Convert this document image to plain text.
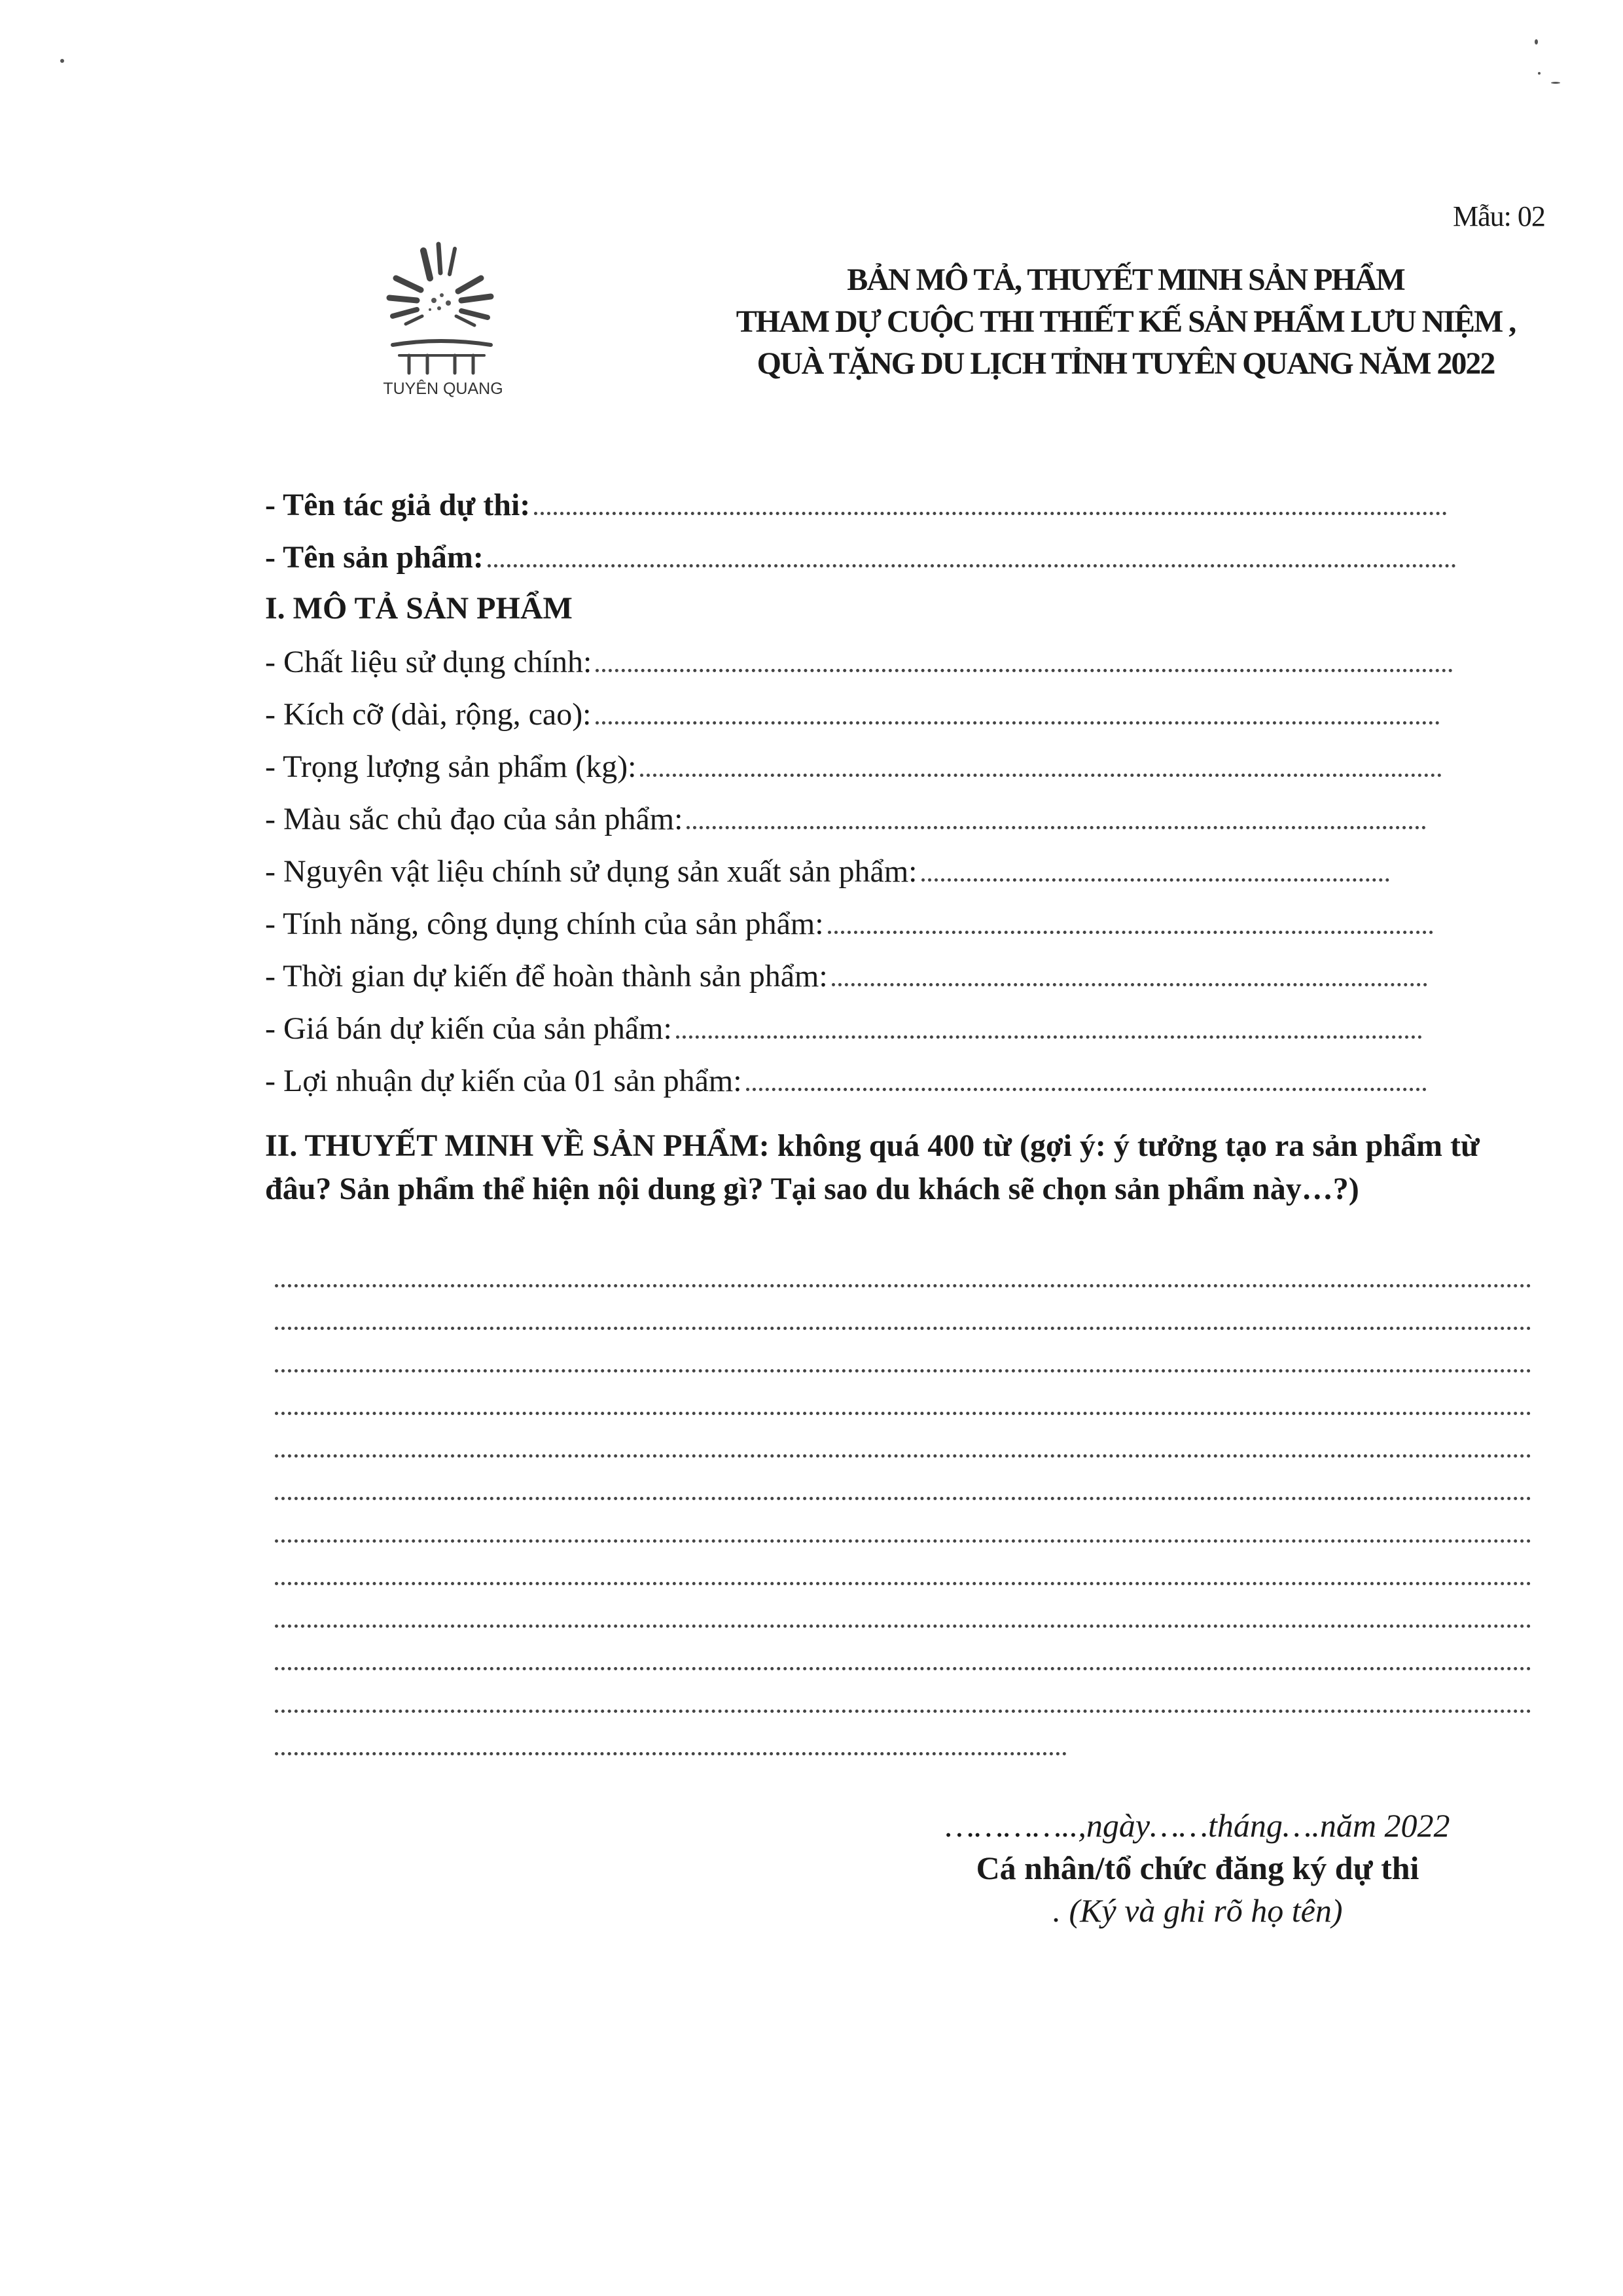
Mẫu: 02
TUYÊN QUANG
BẢN MÔ TẢ, THUYẾT MINH SẢN PHẨM
THAM DỰ CUỘC THI THIẾT KẾ SẢN PHẨM LƯU NIỆM ,
QUÀ TẶNG DU LỊCH TỈNH TUYÊN QUANG NĂM 2022
- Tên tác giả dự thi:
- Tên sản phẩm:
I. MÔ TẢ SẢN PHẨM
- Chất liệu sử dụng chính:
- Kích cỡ (dài, rộng, cao):
- Trọng lượng sản phẩm (kg):
- Màu sắc chủ đạo của sản phẩm:
- Nguyên vật liệu chính sử dụng sản xuất sản phẩm:
- Tính năng, công dụng chính của sản phẩm:
- Thời gian dự kiến để hoàn thành sản phẩm:
- Giá bán dự kiến của sản phẩm:
- Lợi nhuận dự kiến của 01 sản phẩm:
II. THUYẾT MINH VỀ SẢN PHẨM: không quá 400 từ (gợi ý: ý tưởng tạo ra sản phẩm từ đâu? Sản phẩm thể hiện nội dung gì? Tại sao du khách sẽ chọn sản phẩm này…?)
…………..,ngày……tháng….năm 2022
Cá nhân/tổ chức đăng ký dự thi
. (Ký và ghi rõ họ tên)
